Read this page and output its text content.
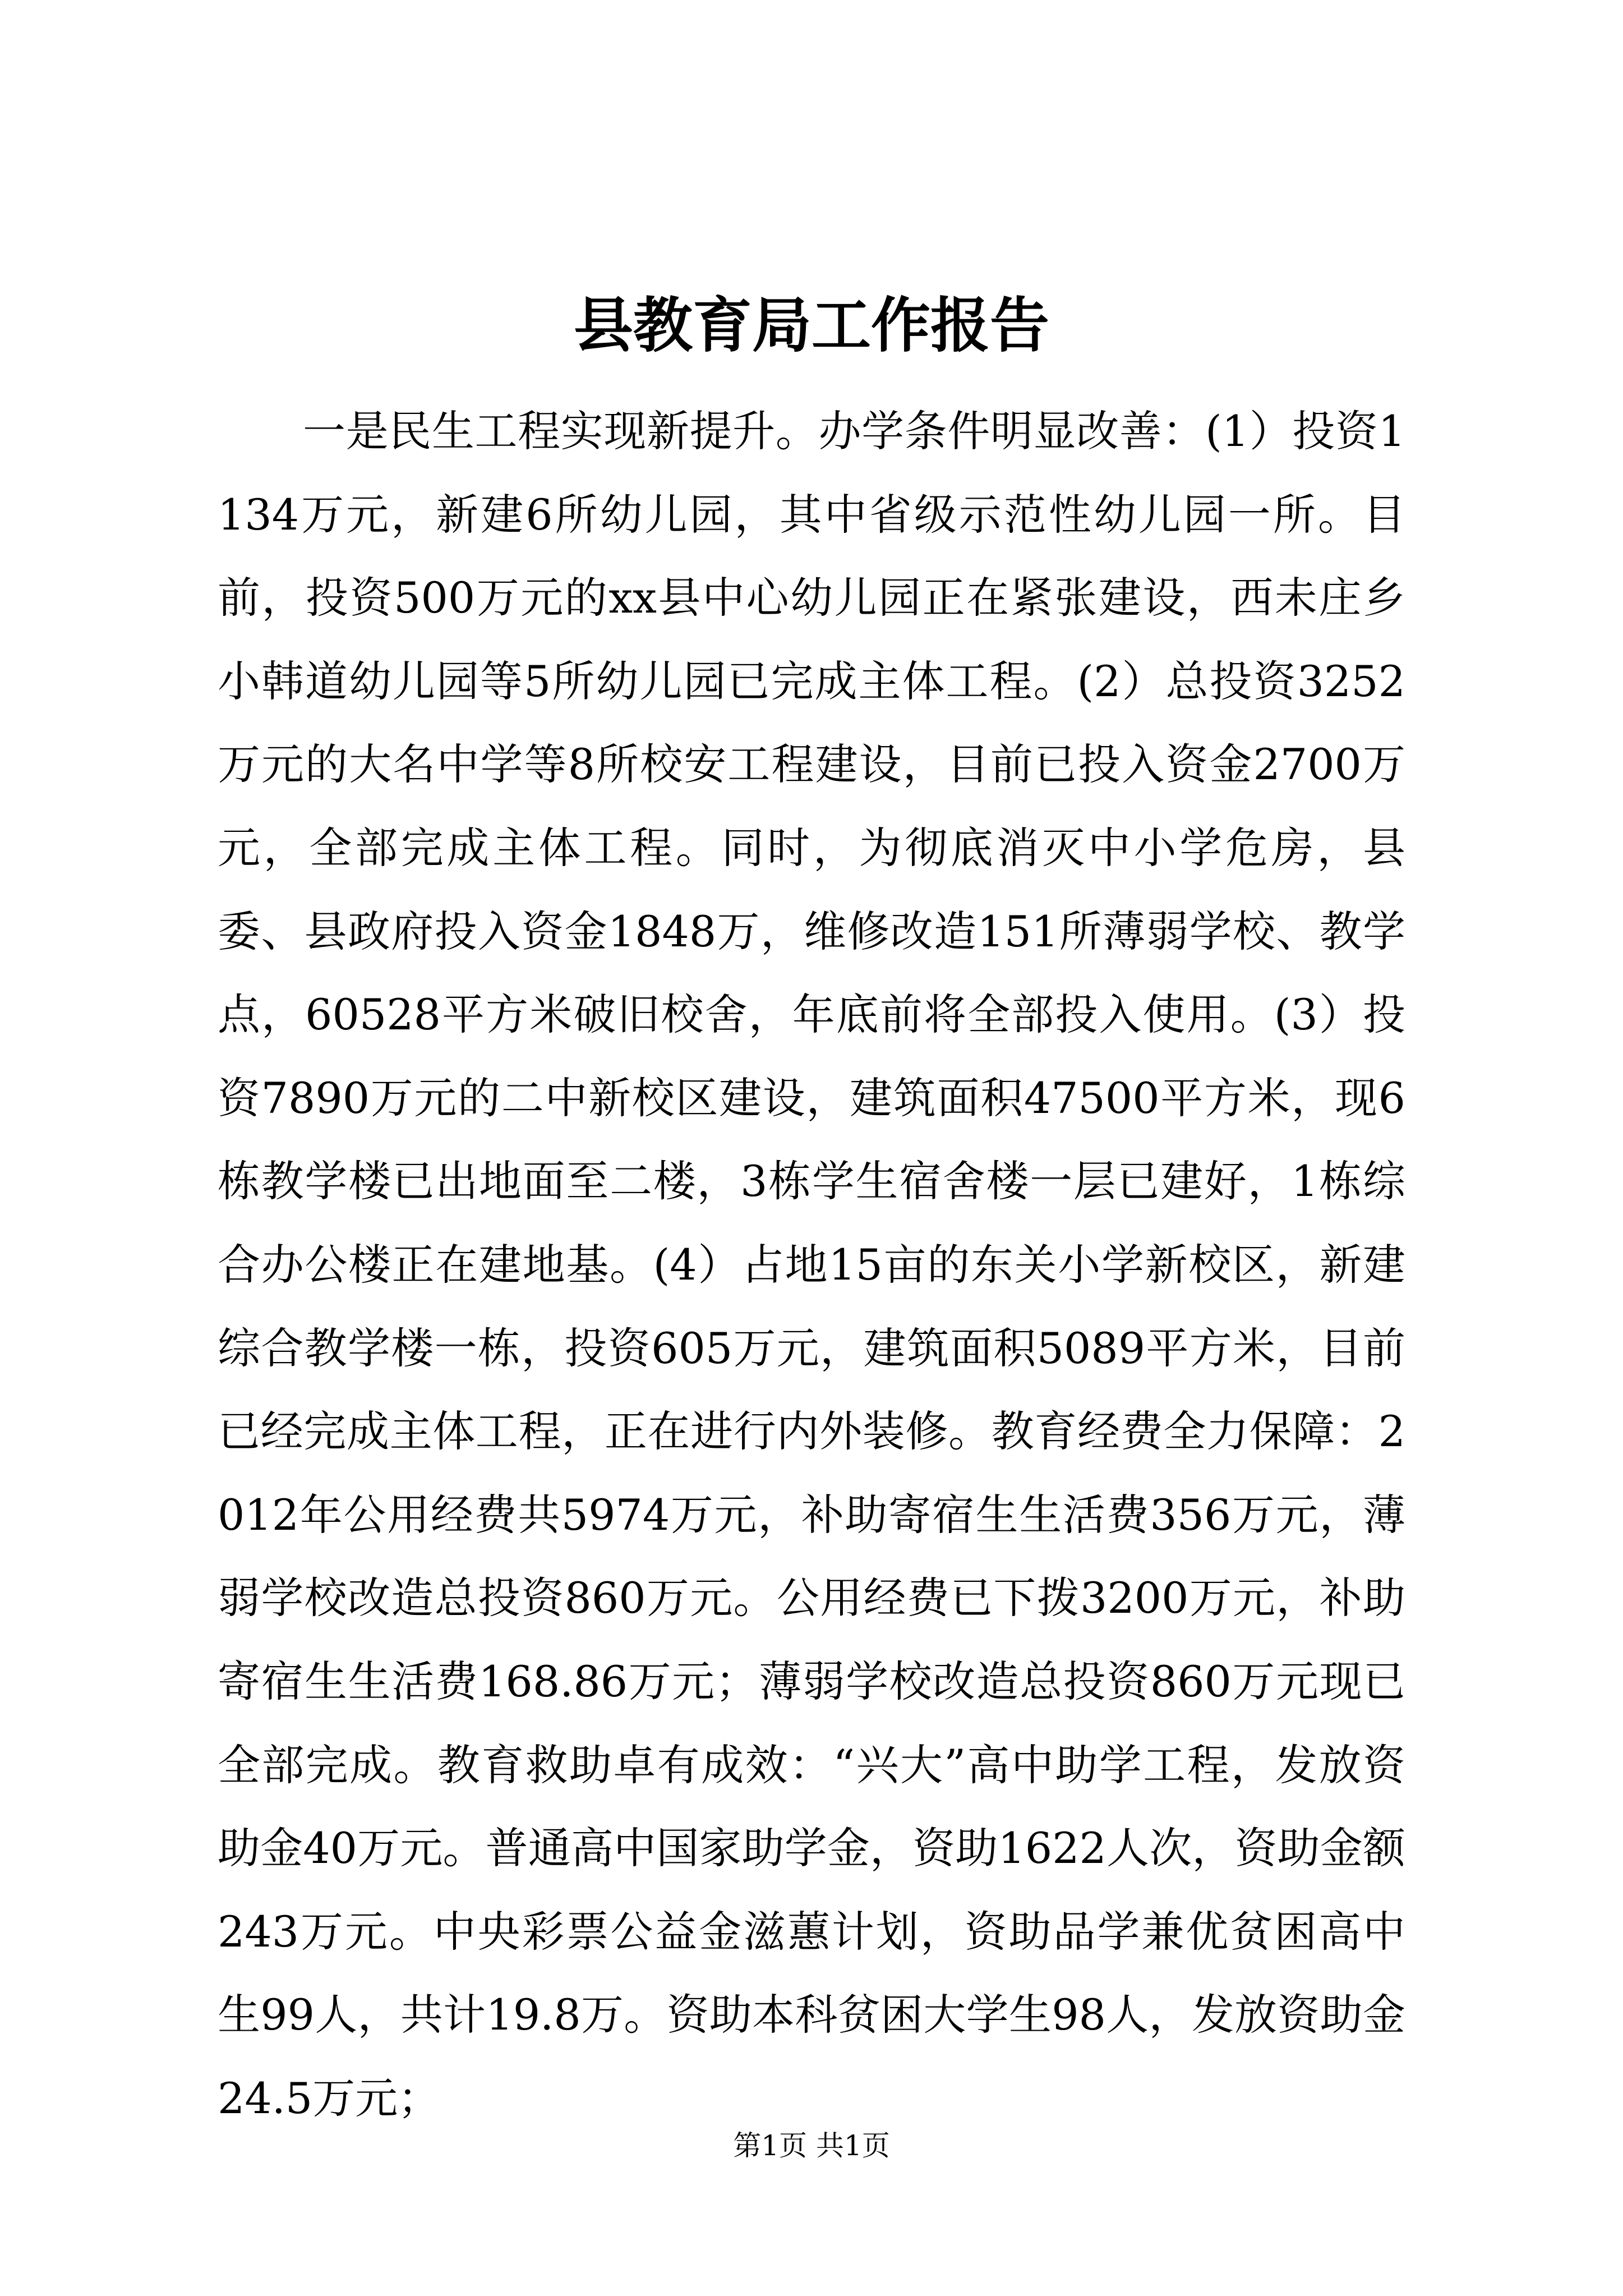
县教育局工作报告

一是民生工程实现新提升。办学条件明显改善：(1）投资1134万元，新建6所幼儿园，其中省级示范性幼儿园一所。目前，投资500万元的xx县中心幼儿园正在紧张建设，西未庄乡小韩道幼儿园等5所幼儿园已完成主体工程。(2）总投资3252万元的大名中学等8所校安工程建设，目前已投入资金2700万元，全部完成主体工程。同时，为彻底消灭中小学危房，县委、县政府投入资金1848万，维修改造151所薄弱学校、教学点，60528平方米破旧校舍，年底前将全部投入使用。(3）投资7890万元的二中新校区建设，建筑面积47500平方米，现6栋教学楼已出地面至二楼，3栋学生宿舍楼一层已建好，1栋综合办公楼正在建地基。(4）占地15亩的东关小学新校区，新建综合教学楼一栋，投资605万元，建筑面积5089平方米，目前已经完成主体工程，正在进行内外装修。教育经费全力保障：2012年公用经费共5974万元，补助寄宿生生活费356万元，薄弱学校改造总投资860万元。公用经费已下拨3200万元，补助寄宿生生活费168.86万元；薄弱学校改造总投资860万元现已全部完成。教育救助卓有成效：“兴大”高中助学工程，发放资助金40万元。普通高中国家助学金，资助1622人次，资助金额243万元。中央彩票公益金滋蕙计划，资助品学兼优贫困高中生99人，共计19.8万。资助本科贫困大学生98人，发放资助金24.5万元；

第1页 共1页
